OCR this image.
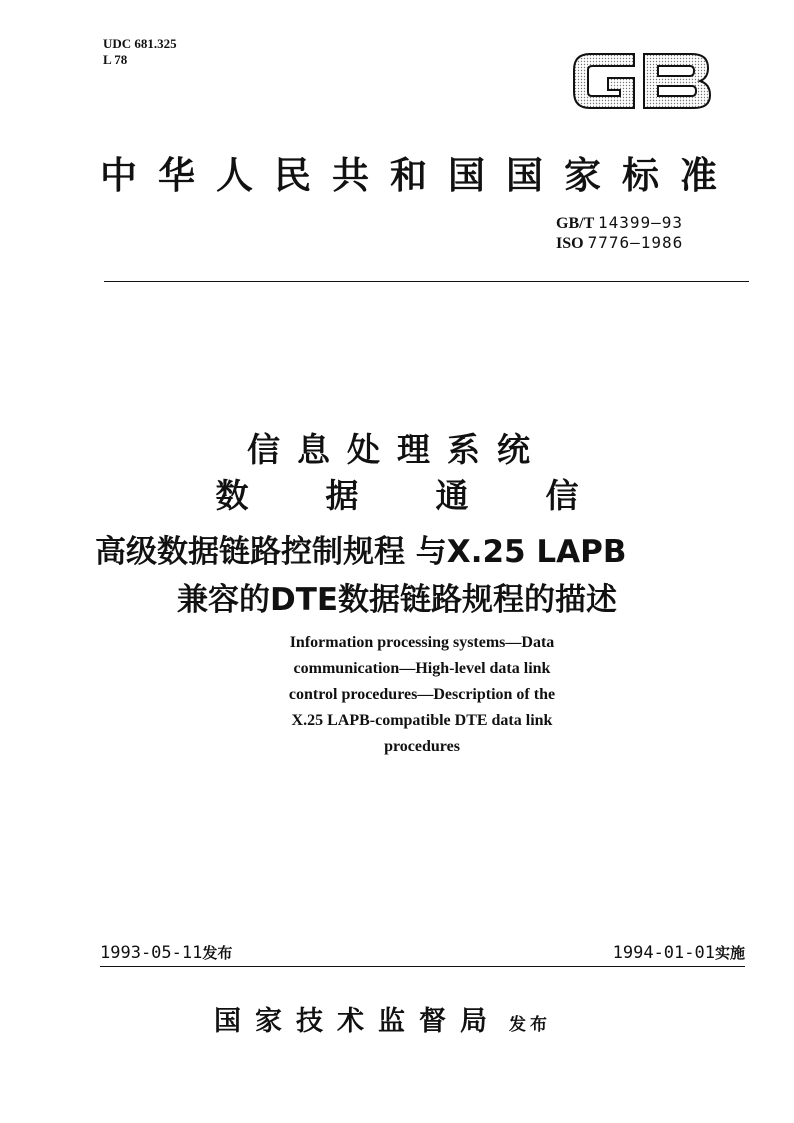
UDC 681.325
L 78
中华人民共和国国家标准
GB/T 14399—93
ISO 7776—1986
信息处理系统
数 据 通 信
高级数据链路控制规程 与X.25 LAPB
兼容的DTE数据链路规程的描述
Information processing systems—Data
communication—High-level data link
control procedures—Description of the
X.25 LAPB-compatible DTE data link
procedures
1993-05-11发布	1994-01-01实施
国家技术监督局 发布
